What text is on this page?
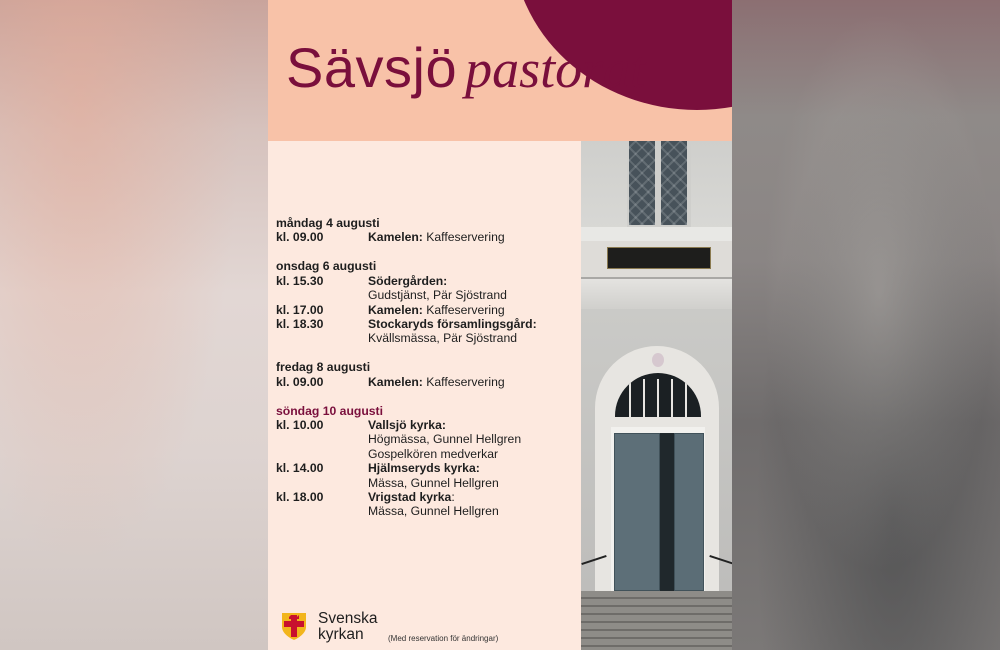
Sävsjö pastorat
måndag 4 augusti
kl. 09.00	Kamelen: Kaffeservering
onsdag 6 augusti
kl. 15.30	Södergården:
Gudstjänst, Pär Sjöstrand
kl. 17.00	Kamelen: Kaffeservering
kl. 18.30	Stockaryds församlingsgård:
Kvällsmässa, Pär Sjöstrand
fredag 8 augusti
kl. 09.00	Kamelen: Kaffeservering
söndag 10 augusti
kl. 10.00	Vallsjö kyrka:
Högmässa, Gunnel Hellgren
Gospelkören medverkar
kl. 14.00	Hjälmseryds kyrka:
Mässa, Gunnel Hellgren
kl. 18.00	Vrigstad kyrka:
Mässa, Gunnel Hellgren
Svenska
kyrkan	(Med reservation för ändringar)
